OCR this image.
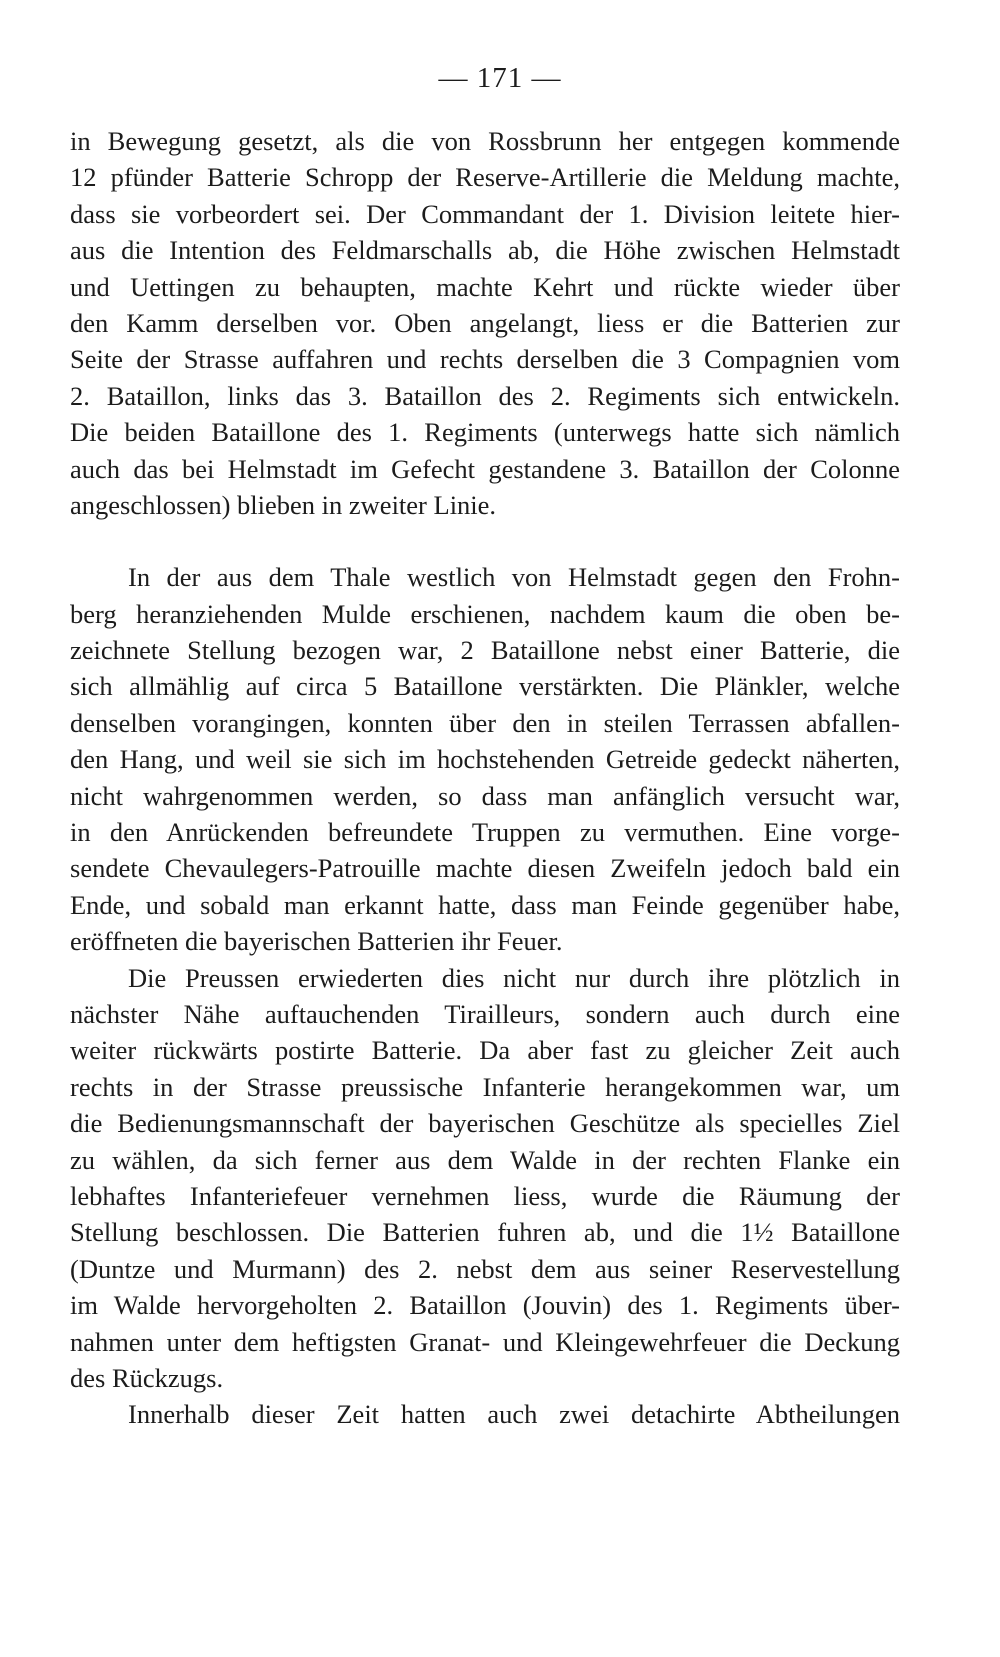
— 171 —
in Bewegung gesetzt, als die von Rossbrunn her entgegen kommende
12 pfünder Batterie Schropp der Reserve-Artillerie die Meldung machte,
dass sie vorbeordert sei. Der Commandant der 1. Division leitete hier-
aus die Intention des Feldmarschalls ab, die Höhe zwischen Helmstadt
und Uettingen zu behaupten, machte Kehrt und rückte wieder über
den Kamm derselben vor. Oben angelangt, liess er die Batterien zur
Seite der Strasse auffahren und rechts derselben die 3 Compagnien vom
2. Bataillon, links das 3. Bataillon des 2. Regiments sich entwickeln.
Die beiden Bataillone des 1. Regiments (unterwegs hatte sich nämlich
auch das bei Helmstadt im Gefecht gestandene 3. Bataillon der Colonne
angeschlossen) blieben in zweiter Linie.
In der aus dem Thale westlich von Helmstadt gegen den Frohn-
berg heranziehenden Mulde erschienen, nachdem kaum die oben be-
zeichnete Stellung bezogen war, 2 Bataillone nebst einer Batterie, die
sich allmählig auf circa 5 Bataillone verstärkten. Die Plänkler, welche
denselben vorangingen, konnten über den in steilen Terrassen abfallen-
den Hang, und weil sie sich im hochstehenden Getreide gedeckt näherten,
nicht wahrgenommen werden, so dass man anfänglich versucht war,
in den Anrückenden befreundete Truppen zu vermuthen. Eine vorge-
sendete Chevaulegers-Patrouille machte diesen Zweifeln jedoch bald ein
Ende, und sobald man erkannt hatte, dass man Feinde gegenüber habe,
eröffneten die bayerischen Batterien ihr Feuer.
Die Preussen erwiederten dies nicht nur durch ihre plötzlich in
nächster Nähe auftauchenden Tirailleurs, sondern auch durch eine
weiter rückwärts postirte Batterie. Da aber fast zu gleicher Zeit auch
rechts in der Strasse preussische Infanterie herangekommen war, um
die Bedienungsmannschaft der bayerischen Geschütze als specielles Ziel
zu wählen, da sich ferner aus dem Walde in der rechten Flanke ein
lebhaftes Infanteriefeuer vernehmen liess, wurde die Räumung der
Stellung beschlossen. Die Batterien fuhren ab, und die 1½ Bataillone
(Duntze und Murmann) des 2. nebst dem aus seiner Reservestellung
im Walde hervorgeholten 2. Bataillon (Jouvin) des 1. Regiments über-
nahmen unter dem heftigsten Granat- und Kleingewehrfeuer die Deckung
des Rückzugs.
Innerhalb dieser Zeit hatten auch zwei detachirte Abtheilungen
